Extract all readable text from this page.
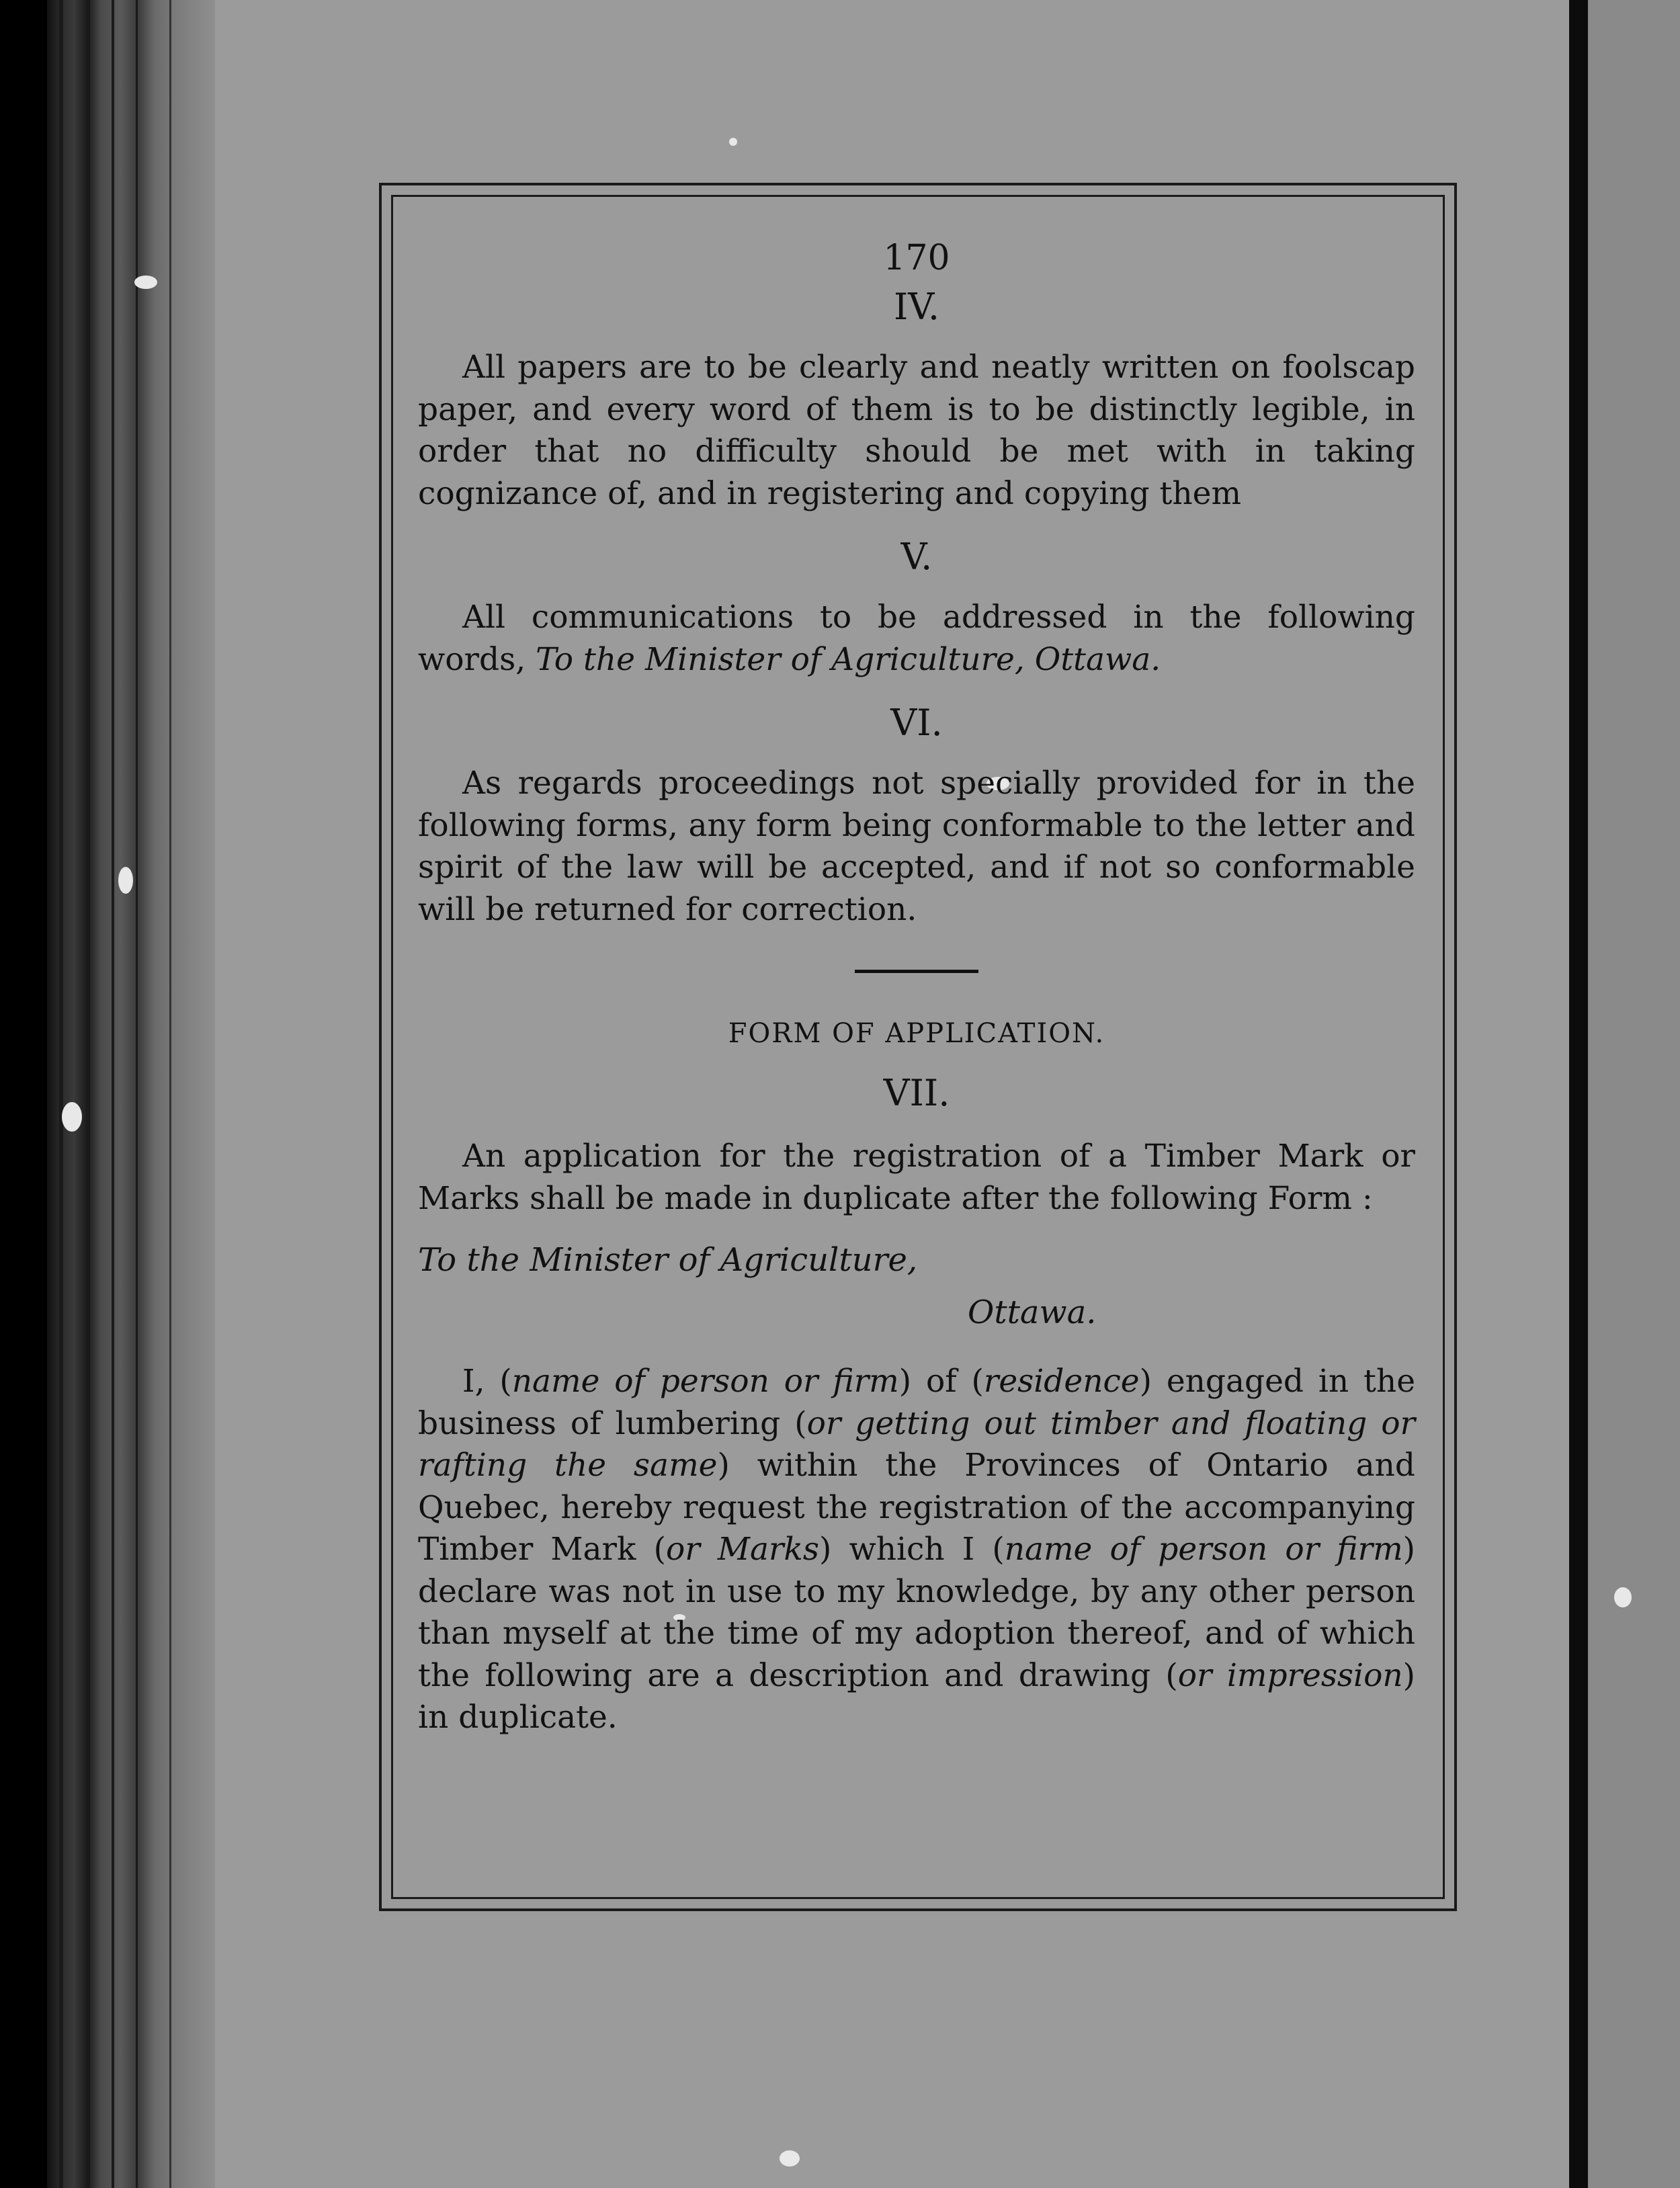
170
IV.

All papers are to be clearly and neatly written on foolscap paper, and every word of them is to be distinctly legible, in order that no difficulty should be met with in taking cognizance of, and in registering and copying them

V.

All communications to be addressed in the following words, To the Minister of Agriculture, Ottawa.

VI.

As regards proceedings not specially provided for in the following forms, any form being conformable to the letter and spirit of the law will be accepted, and if not so conformable will be returned for correction.

FORM OF APPLICATION.
VII.

An application for the registration of a Timber Mark or Marks shall be made in duplicate after the following Form :

To the Minister of Agriculture,
Ottawa.

I, (name of person or firm) of (residence) engaged in the business of lumbering (or getting out timber and floating or rafting the same) within the Provinces of Ontario and Quebec, hereby request the registration of the accompanying Timber Mark (or Marks) which I (name of person or firm) declare was not in use to my knowledge, by any other person than myself at the time of my adoption thereof, and of which the following are a description and drawing (or impression) in duplicate.
